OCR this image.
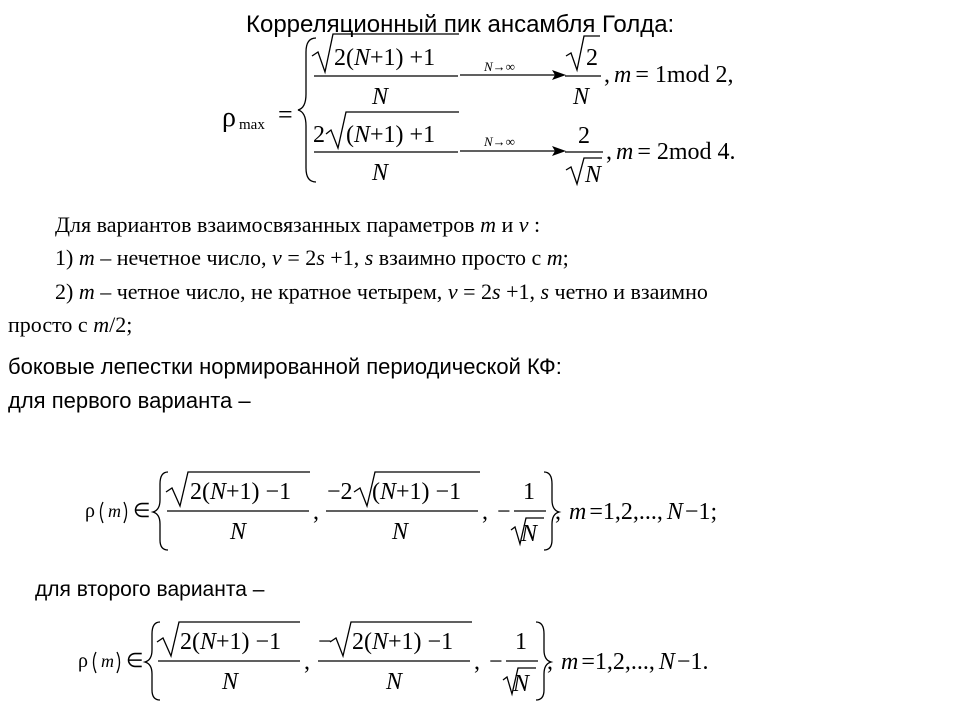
Корреляционный пик ансамбля Голда:
ρ max =
2(N+1) +1
N
N→∞	2
N
, m = 1mod 2,
2 (N+1) +1
N
N→∞	2
N
, m = 2mod 4.
Для вариантов взаимосвязанных параметров m и v :
1) m – нечетное число, v = 2s +1, s взаимно просто с m;
2) m – четное число, не кратное четырем, v = 2s +1, s четно и взаимно
просто с m/2;
боковые лепестки нормированной периодической КФ:
для первого варианта –
ρ m ∈
2(N+1) −1
N
,
−2 (N+1) −1
N
, −
1
N
, m =1,2,..., N−1;
для второго варианта –
ρ m ∈
2(N+1) −1
N
,
− 2(N+1) −1
N
, −
1
N
, m =1,2,..., N−1.
